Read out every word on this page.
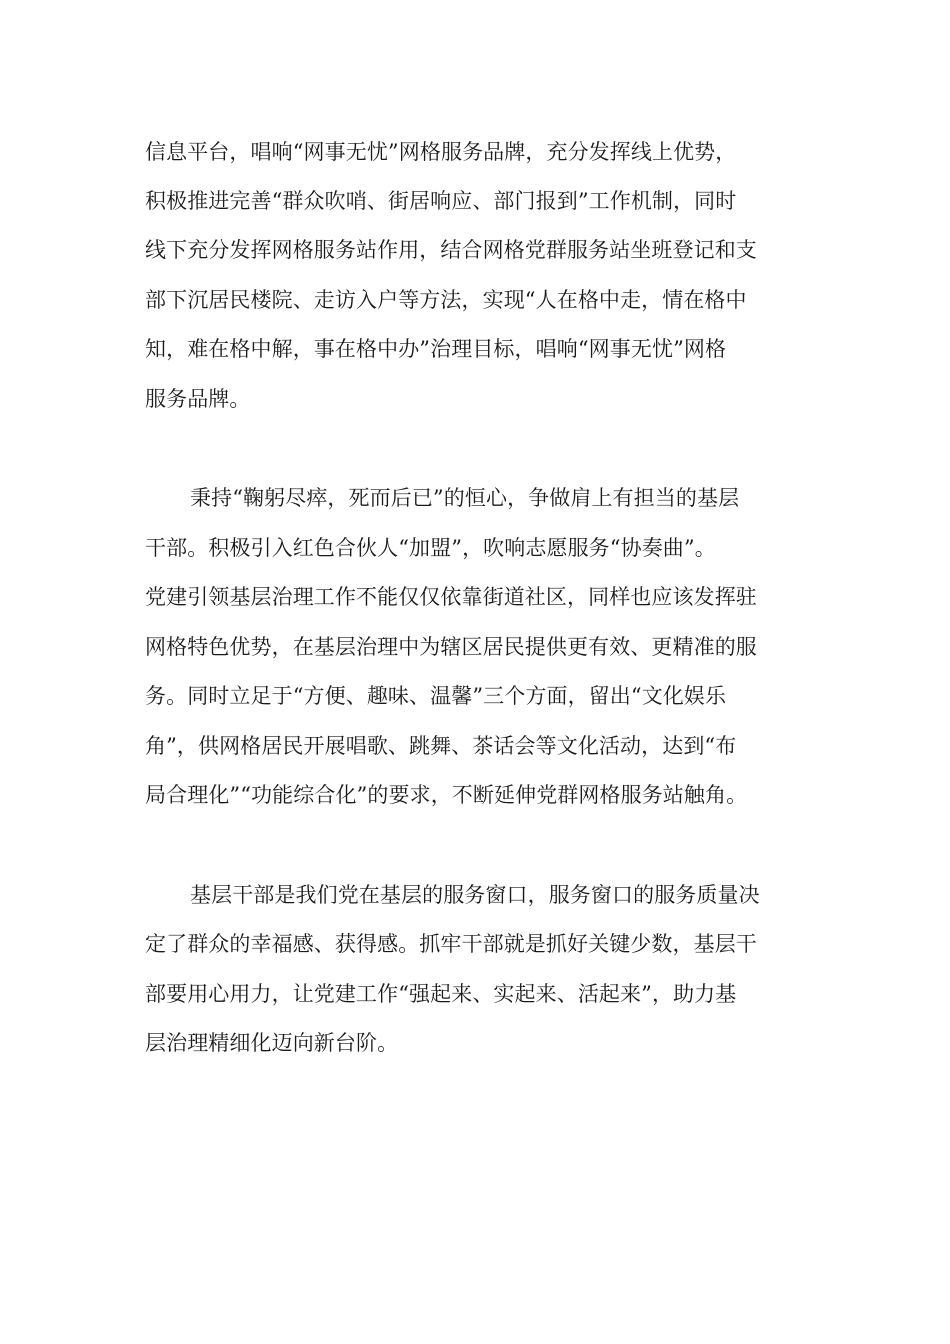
信息平台，唱响“网事无忧”网格服务品牌，充分发挥线上优势，
积极推进完善“群众吹哨、街居响应、部门报到”工作机制，同时
线下充分发挥网格服务站作用，结合网格党群服务站坐班登记和支
部下沉居民楼院、走访入户等方法，实现“人在格中走，情在格中
知，难在格中解，事在格中办”治理目标，唱响“网事无忧”网格
服务品牌。
秉持“鞠躬尽瘁，死而后已”的恒心，争做肩上有担当的基层
干部。积极引入红色合伙人“加盟”，吹响志愿服务“协奏曲”。
党建引领基层治理工作不能仅仅依靠街道社区，同样也应该发挥驻
网格特色优势，在基层治理中为辖区居民提供更有效、更精准的服
务。同时立足于“方便、趣味、温馨”三个方面，留出“文化娱乐
角”，供网格居民开展唱歌、跳舞、茶话会等文化活动，达到“布
局合理化”“功能综合化”的要求，不断延伸党群网格服务站触角。
基层干部是我们党在基层的服务窗口，服务窗口的服务质量决
定了群众的幸福感、获得感。抓牢干部就是抓好关键少数，基层干
部要用心用力，让党建工作“强起来、实起来、活起来”，助力基
层治理精细化迈向新台阶。
